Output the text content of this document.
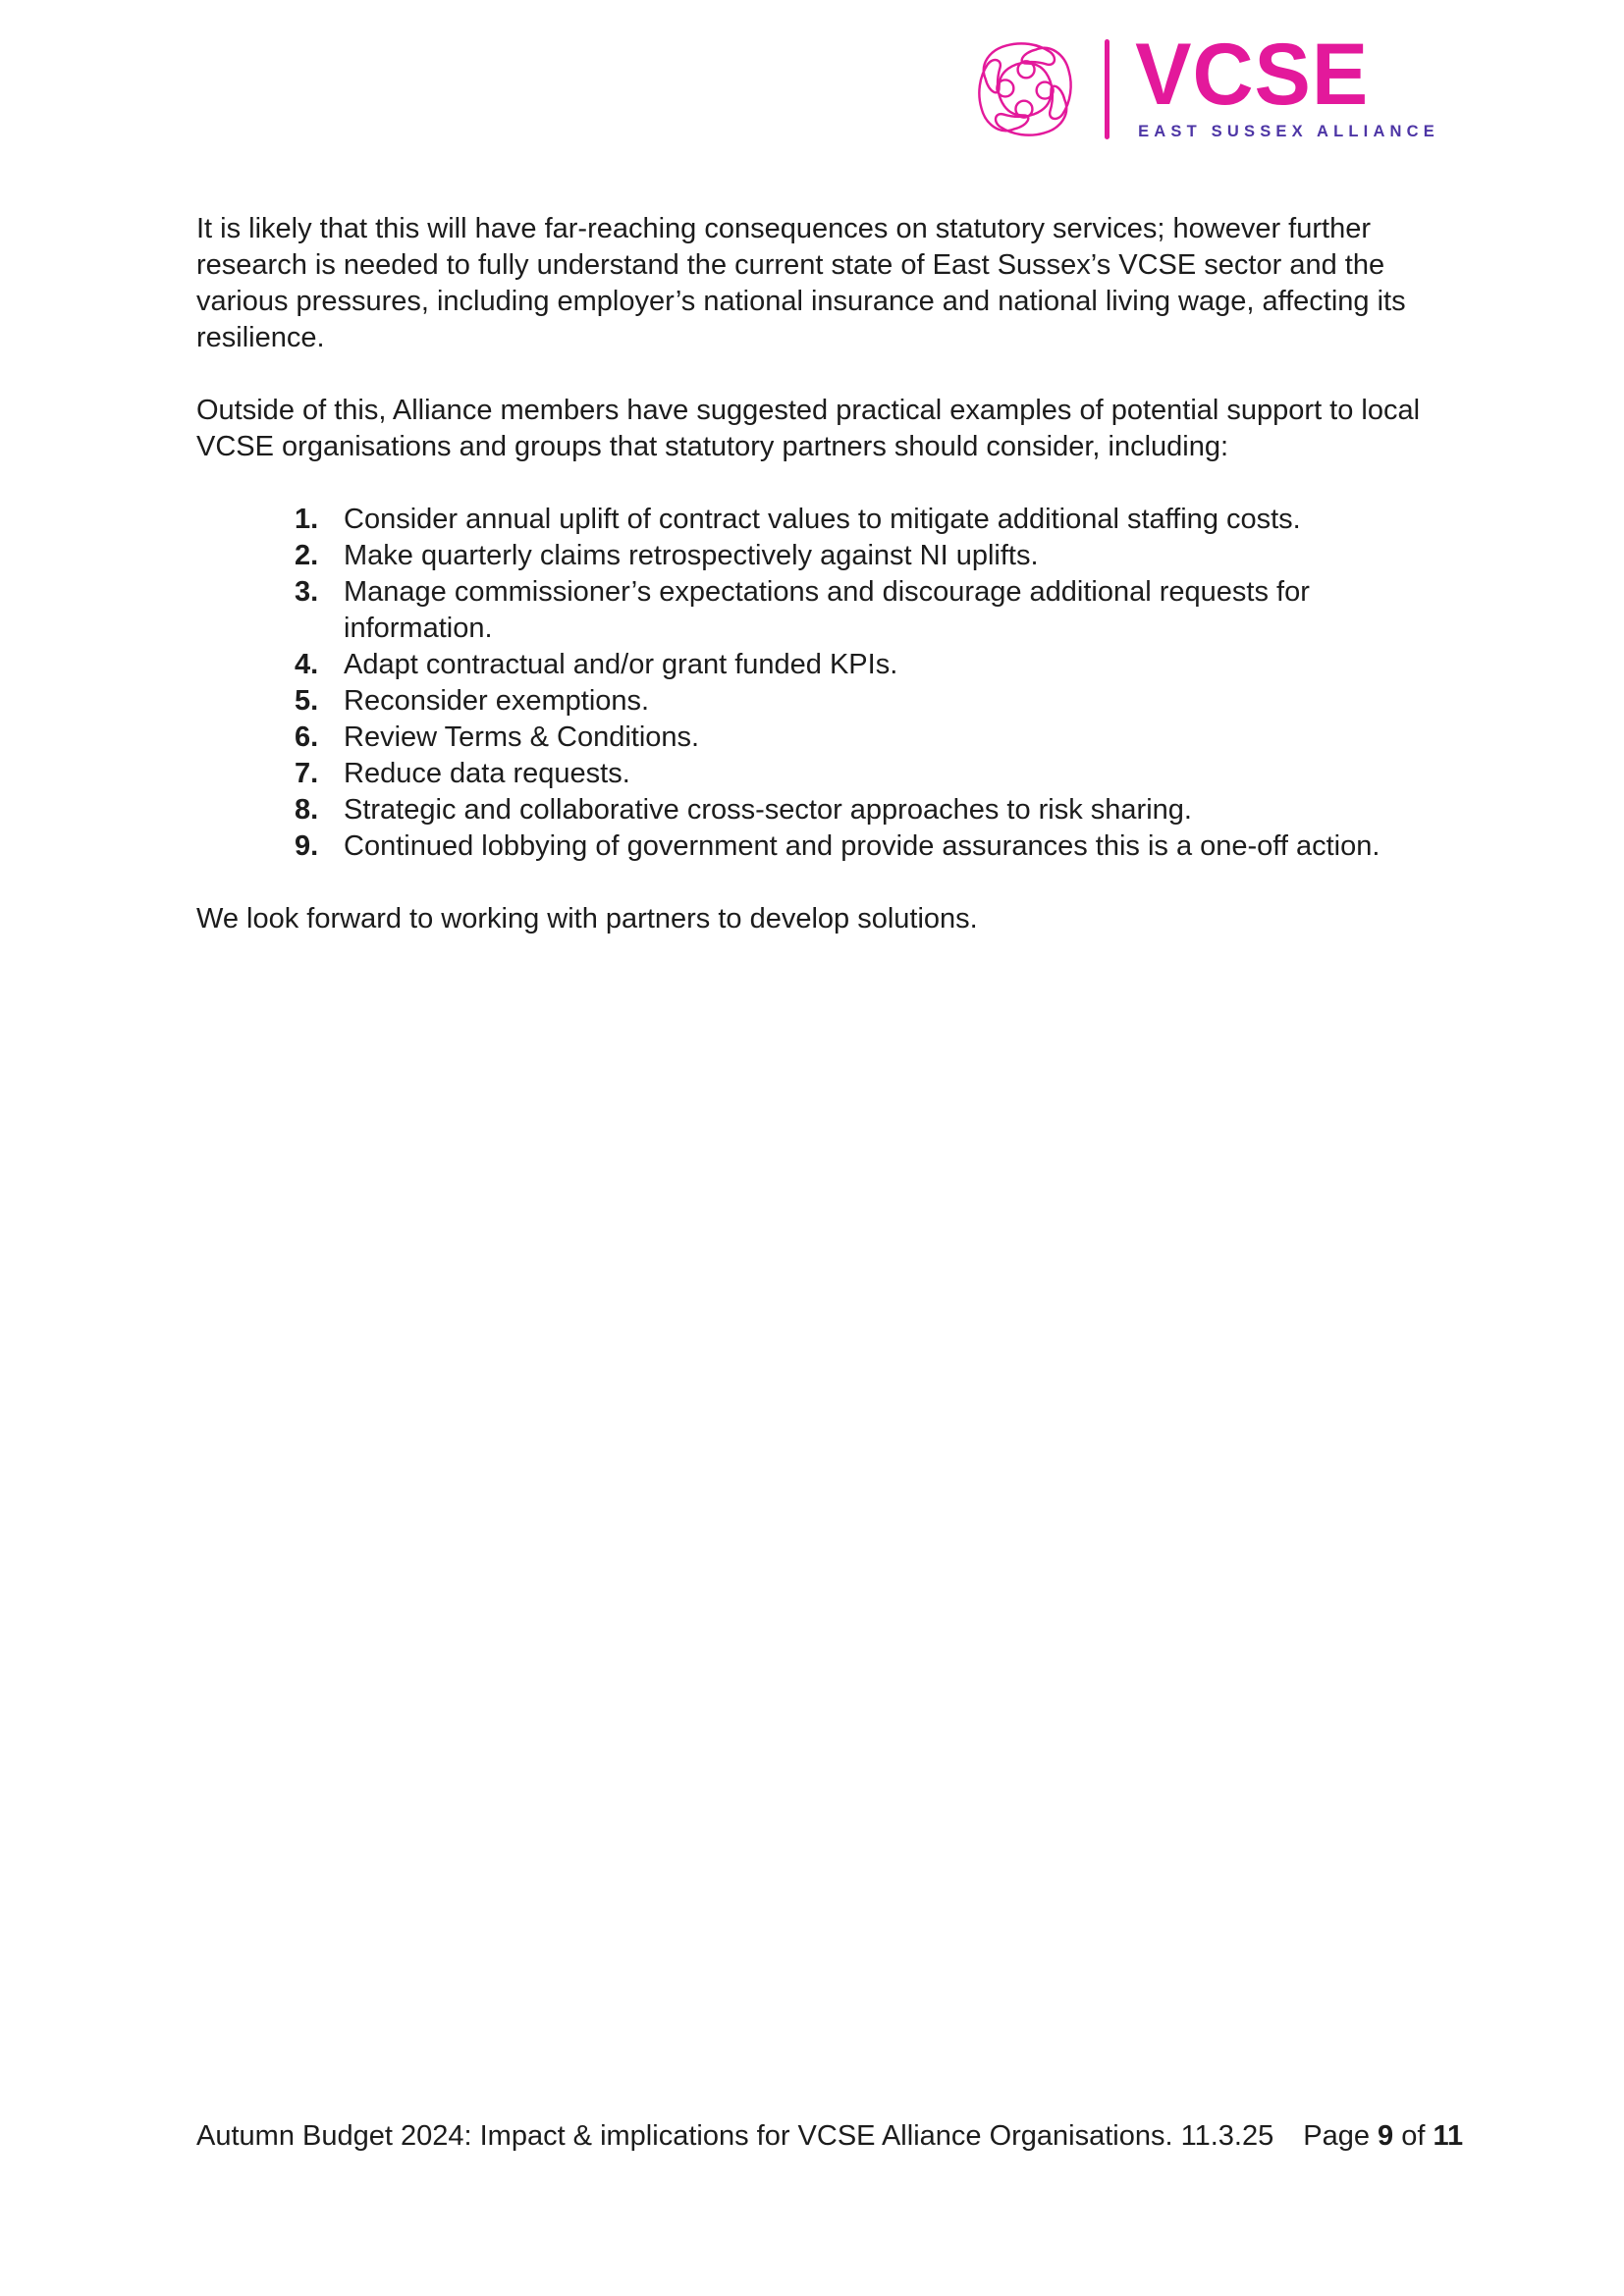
VCSE
EAST SUSSEX ALLIANCE

It is likely that this will have far-reaching consequences on statutory services; however further research is needed to fully understand the current state of East Sussex’s VCSE sector and the various pressures, including employer’s national insurance and national living wage, affecting its resilience.

Outside of this, Alliance members have suggested practical examples of potential support to local VCSE organisations and groups that statutory partners should consider, including:

1. Consider annual uplift of contract values to mitigate additional staffing costs.
2. Make quarterly claims retrospectively against NI uplifts.
3. Manage commissioner’s expectations and discourage additional requests for information.
4. Adapt contractual and/or grant funded KPIs.
5. Reconsider exemptions.
6. Review Terms & Conditions.
7. Reduce data requests.
8. Strategic and collaborative cross-sector approaches to risk sharing.
9. Continued lobbying of government and provide assurances this is a one-off action.

We look forward to working with partners to develop solutions.

Autumn Budget 2024: Impact & implications for VCSE Alliance Organisations. 11.3.25 Page 9 of 11
